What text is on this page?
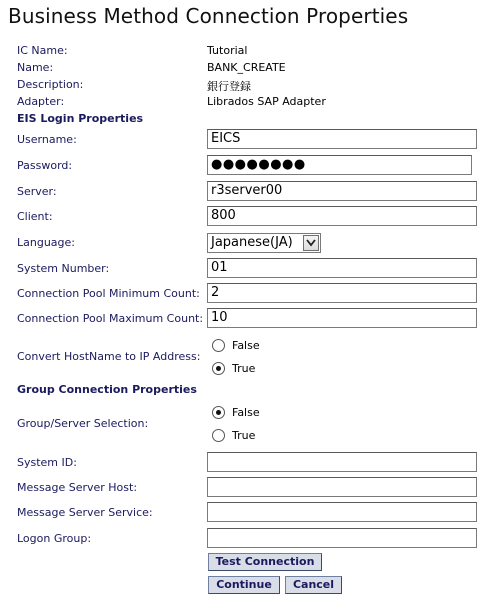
Business Method Connection Properties
IC Name:	Tutorial
Name:	BANK_CREATE
Description:	銀行登録
Adapter:	Librados SAP Adapter
EIS Login Properties
Username:	EICS
Password:	●●●●●●●●
Server:	r3server00
Client:	800
Language:	Japanese(JA)
System Number:	01
Connection Pool Minimum Count: 2
Connection Pool Maximum Count: 10
Convert HostName to IP Address:
False
True
Group Connection Properties
Group/Server Selection:
False
True
System ID:
Message Server Host:
Message Server Service:
Logon Group:
Test Connection
Continue	Cancel
